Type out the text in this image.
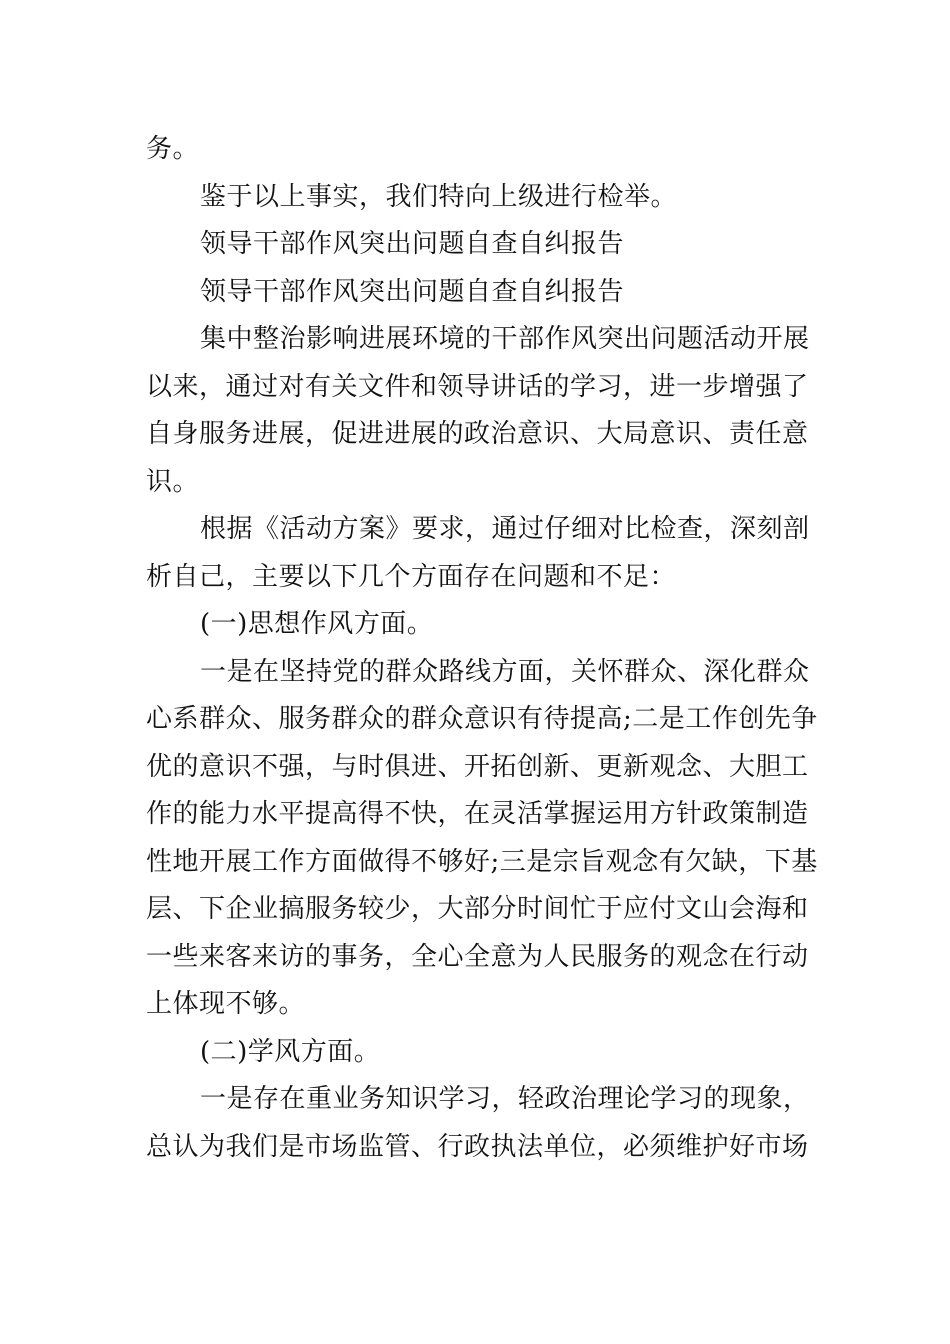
务。
鉴于以上事实，我们特向上级进行检举。
领导干部作风突出问题自查自纠报告
领导干部作风突出问题自查自纠报告
集中整治影响进展环境的干部作风突出问题活动开展
以来，通过对有关文件和领导讲话的学习，进一步增强了
自身服务进展，促进进展的政治意识、大局意识、责任意
识。
根据《活动方案》要求，通过仔细对比检查，深刻剖
析自己，主要以下几个方面存在问题和不足：
(一)思想作风方面。
一是在坚持党的群众路线方面，关怀群众、深化群众
心系群众、服务群众的群众意识有待提高;二是工作创先争
优的意识不强，与时俱进、开拓创新、更新观念、大胆工
作的能力水平提高得不快，在灵活掌握运用方针政策制造
性地开展工作方面做得不够好;三是宗旨观念有欠缺，下基
层、下企业搞服务较少，大部分时间忙于应付文山会海和
一些来客来访的事务，全心全意为人民服务的观念在行动
上体现不够。
(二)学风方面。
一是存在重业务知识学习，轻政治理论学习的现象，
总认为我们是市场监管、行政执法单位，必须维护好市场
